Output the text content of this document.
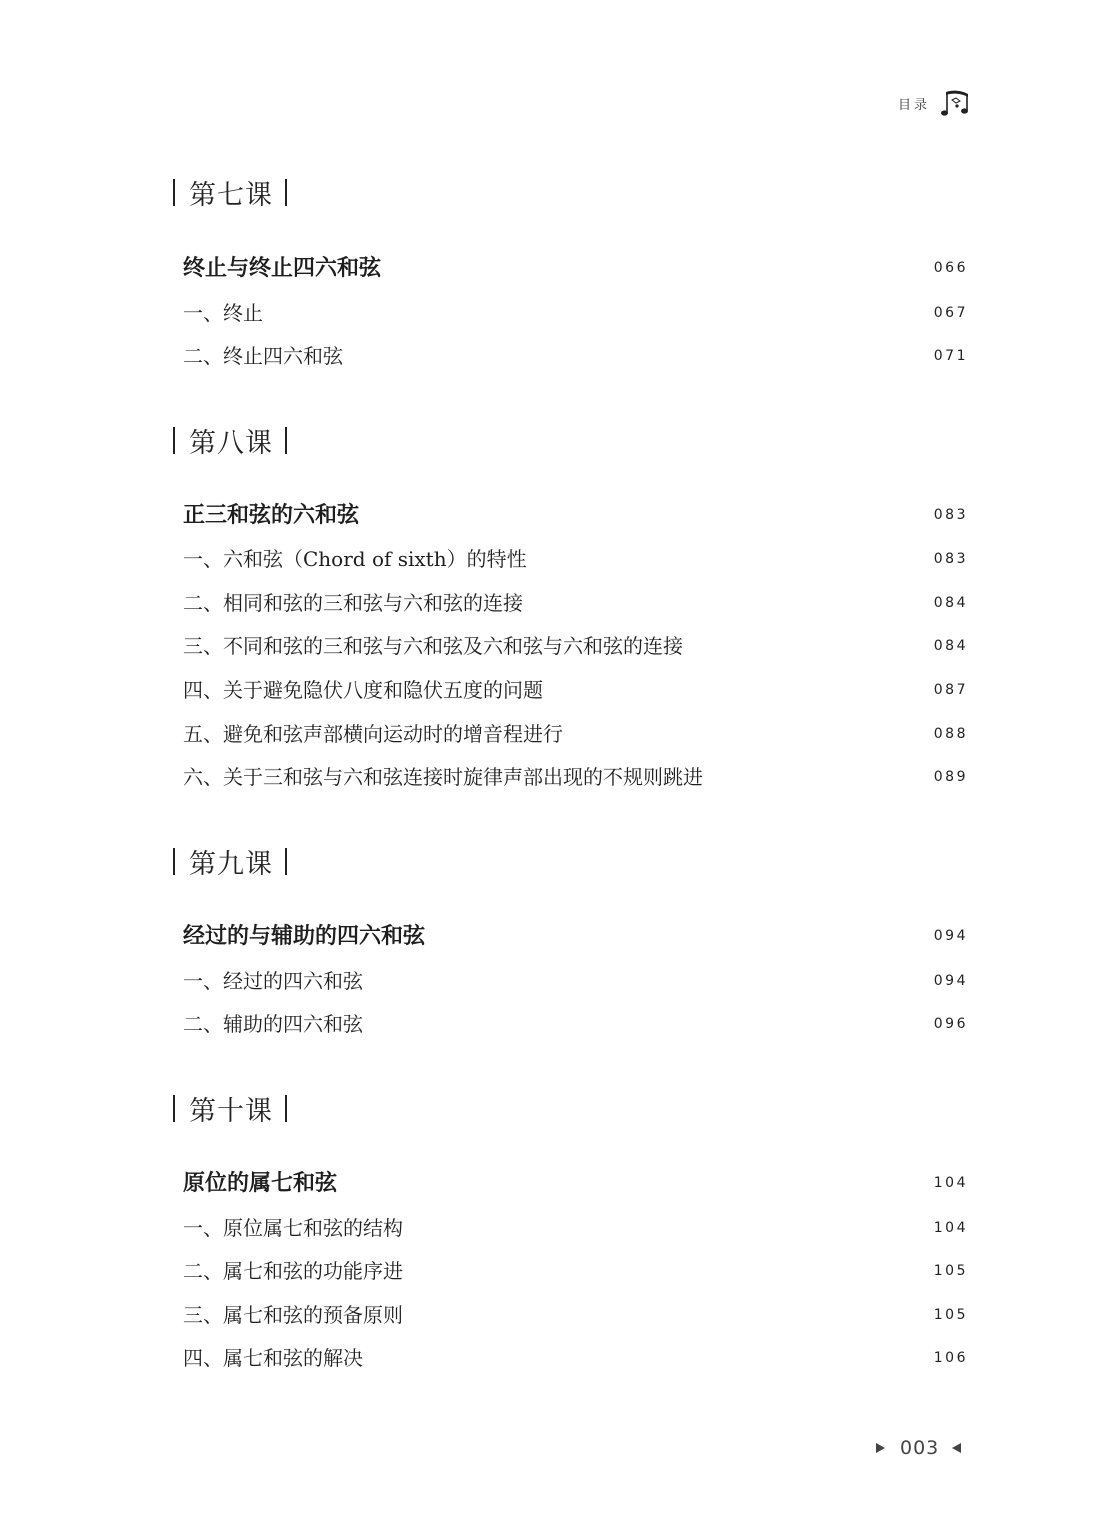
目录
第七课
终止与终止四六和弦	066
一、终止	067
二、终止四六和弦	071
第八课
正三和弦的六和弦	083
一、六和弦（Chord of sixth）的特性	083
二、相同和弦的三和弦与六和弦的连接	084
三、不同和弦的三和弦与六和弦及六和弦与六和弦的连接	084
四、关于避免隐伏八度和隐伏五度的问题	087
五、避免和弦声部横向运动时的增音程进行	088
六、关于三和弦与六和弦连接时旋律声部出现的不规则跳进	089
第九课
经过的与辅助的四六和弦	094
一、经过的四六和弦	094
二、辅助的四六和弦	096
第十课
原位的属七和弦	104
一、原位属七和弦的结构	104
二、属七和弦的功能序进	105
三、属七和弦的预备原则	105
四、属七和弦的解决	106
003
